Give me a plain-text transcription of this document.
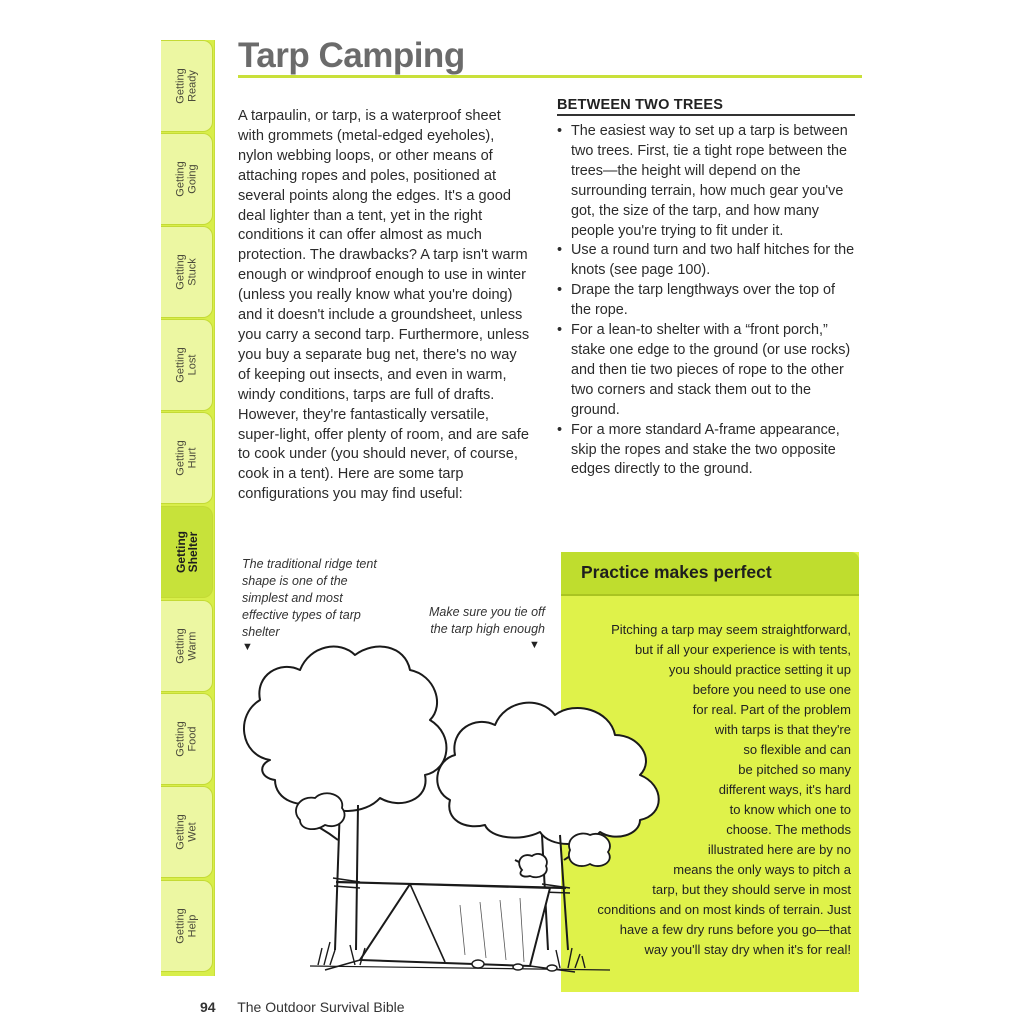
Getting
Ready
Getting
Going
Getting
Stuck
Getting
Lost
Getting
Hurt
Getting
Shelter
Getting
Warm
Getting
Food
Getting
Wet
Getting
Help
Tarp Camping

A tarpaulin, or tarp, is a waterproof sheet with grommets (metal-edged eyeholes), nylon webbing loops, or other means of attaching ropes and poles, positioned at several points along the edges. It's a good deal lighter than a tent, yet in the right conditions it can offer almost as much protection. The drawbacks? A tarp isn't warm enough or windproof enough to use in winter (unless you really know what you're doing) and it doesn't include a groundsheet, unless you carry a second tarp. Furthermore, unless you buy a separate bug net, there's no way of keeping out insects, and even in warm, windy conditions, tarps are full of drafts. However, they're fantastically versatile, super-light, offer plenty of room, and are safe to cook under (you should never, of course, cook in a tent). Here are some tarp configurations you may find useful:

BETWEEN TWO TREES
• The easiest way to set up a tarp is between two trees. First, tie a tight rope between the trees—the height will depend on the surrounding terrain, how much gear you've got, the size of the tarp, and how many people you're trying to fit under it.
• Use a round turn and two half hitches for the knots (see page 100).
• Drape the tarp lengthways over the top of the rope.
• For a lean-to shelter with a “front porch,” stake one edge to the ground (or use rocks) and then tie two pieces of rope to the other two corners and stack them out to the ground.
• For a more standard A-frame appearance, skip the ropes and stake the two opposite edges directly to the ground.
Practice makes perfect
Pitching a tarp may seem straightforward,
but if all your experience is with tents,
you should practice setting it up
before you need to use one
for real. Part of the problem
with tarps is that they're
so flexible and can
be pitched so many
different ways, it's hard
to know which one to
choose. The methods
illustrated here are by no
means the only ways to pitch a
tarp, but they should serve in most
conditions and on most kinds of terrain. Just
have a few dry runs before you go—that
way you'll stay dry when it's for real!
The traditional ridge tent shape is one of the simplest and most effective types of tarp shelter
▼
Make sure you tie off the tarp high enough
▼
94 The Outdoor Survival Bible
